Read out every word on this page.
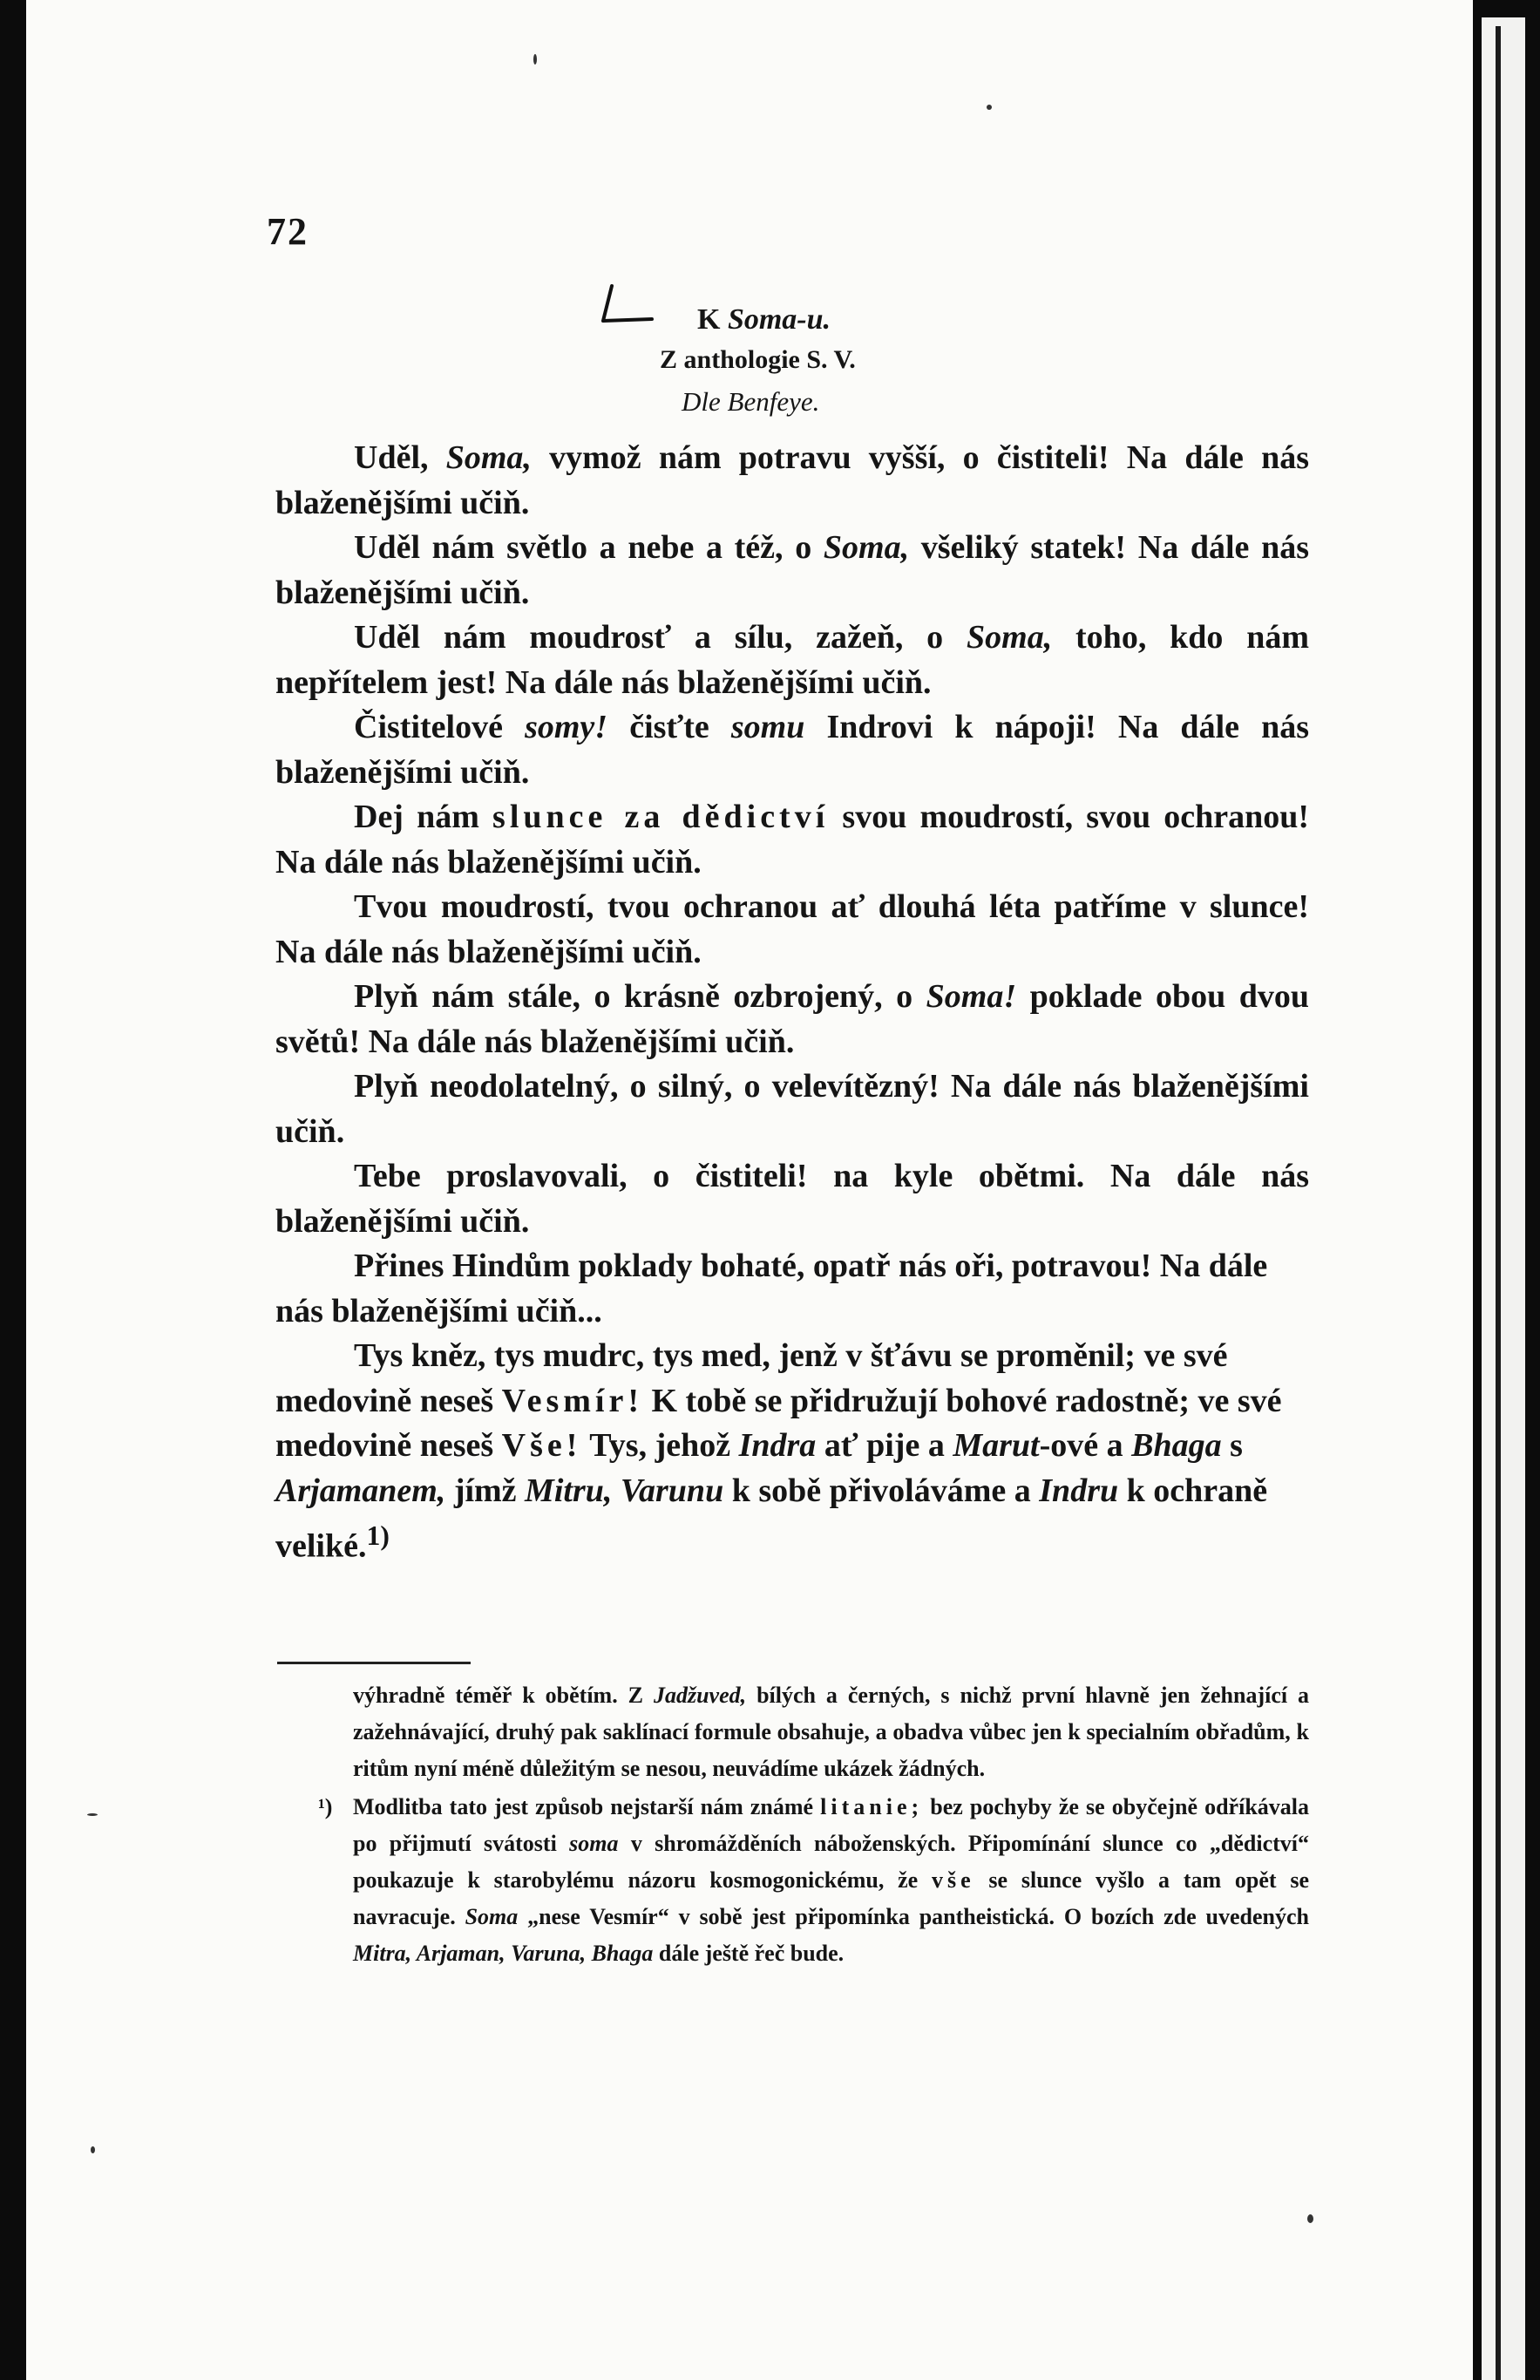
72
K Soma-u.
Z anthologie S. V.
Dle Benfeye.

Uděl, Soma, vymož nám potravu vyšší, o čistiteli! Na dále nás blaženějšími učiň.

Uděl nám světlo a nebe a též, o Soma, všeliký statek! Na dále nás blaženějšími učiň.

Uděl nám moudrosť a sílu, zažeň, o Soma, toho, kdo nám nepřítelem jest! Na dále nás blaženějšími učiň.

Čistitelové somy! čisťte somu Indrovi k nápoji! Na dále nás blaženějšími učiň.

Dej nám slunce za dědictví svou moudrostí, svou ochranou! Na dále nás blaženějšími učiň.

Tvou moudrostí, tvou ochranou ať dlouhá léta patříme v slunce! Na dále nás blaženějšími učiň.

Plyň nám stále, o krásně ozbrojený, o Soma! poklade obou dvou světů! Na dále nás blaženějšími učiň.

Plyň neodolatelný, o silný, o velevítězný! Na dále nás blaženějšími učiň.

Tebe proslavovali, o čistiteli! na kyle obětmi. Na dále nás blaženějšími učiň.

Přines Hindům poklady bohaté, opatř nás oři, potravou! Na dále nás blaženějšími učiň...

Tys kněz, tys mudrc, tys med, jenž v šťávu se proměnil; ve své medovině neseš Vesmír! K tobě se přidružují bohové radostně; ve své medovině neseš Vše! Tys, jehož Indra ať pije a Marut-ové a Bhaga s Arjamanem, jímž Mitru, Varunu k sobě přivoláváme a Indru k ochraně veliké.$^{1)}$

výhradně téměř k obětím. Z Jadžuved, bílých a černých, s nichž první hlavně jen žehnající a zažehnávající, druhý pak saklínací formule obsahuje, a obadva vůbec jen k specialním obřadům, k ritům nyní méně důležitým se nesou, neuvádíme ukázek žádných.

¹) Modlitba tato jest způsob nejstarší nám známé litanie; bez pochyby že se obyčejně odříkávala po přijmutí svátosti soma v shromážděních náboženských. Připomínání slunce co „dědictví“ poukazuje k starobylému názoru kosmogonickému, že vše se slunce vyšlo a tam opět se navracuje. Soma „nese Vesmír“ v sobě jest připomínka pantheistická. O bozích zde uvedených Mitra, Arjaman, Varuna, Bhaga dále ještě řeč bude.
